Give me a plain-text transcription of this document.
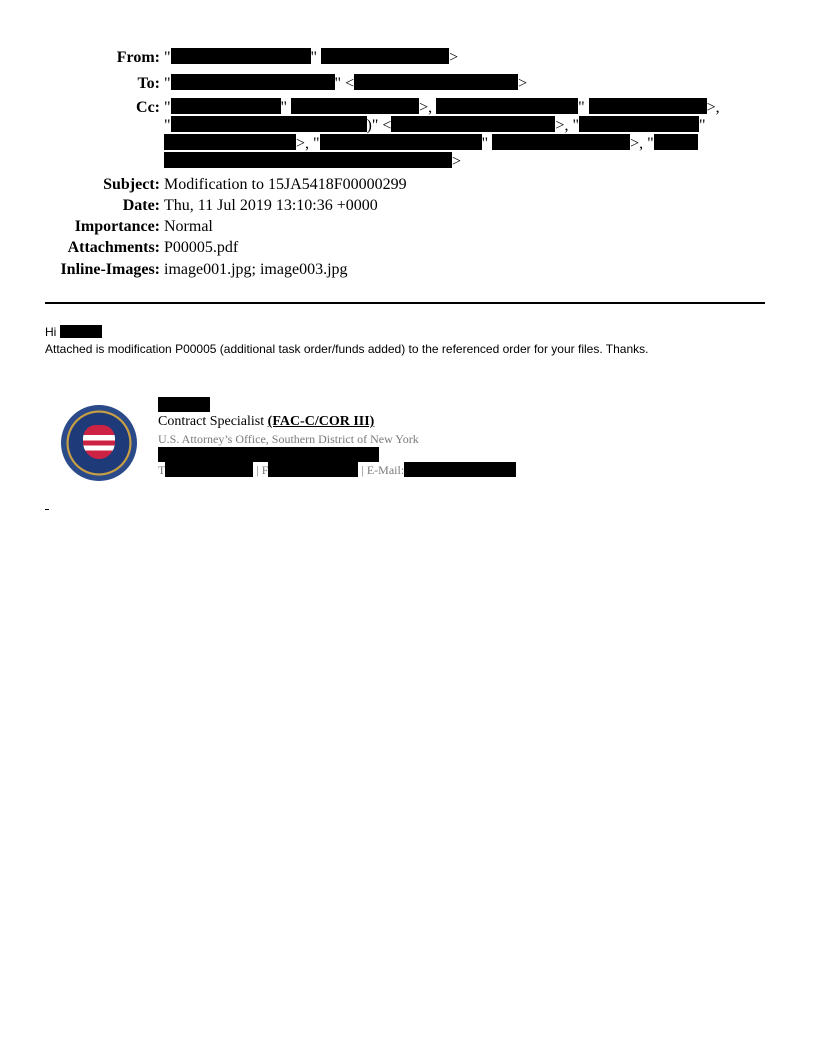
From: "	"	>
To: "	" <	>
Cc: "	"	>,	"	>,
"	)" <	>, "	"
>, "	"	>, "
>
Subject: Modification to 15JA5418F00000299
Date: Thu, 11 Jul 2019 13:10:36 +0000
Importance: Normal
Attachments: P00005.pdf
Inline-Images: image001.jpg; image003.jpg
Hi
Attached is modification P00005 (additional task order/funds added) to the referenced order for your files. Thanks.
Contract Specialist (FAC-C/COR III)
U.S. Attorney’s Office, Southern District of New York
T	| F	| E-Mail:
